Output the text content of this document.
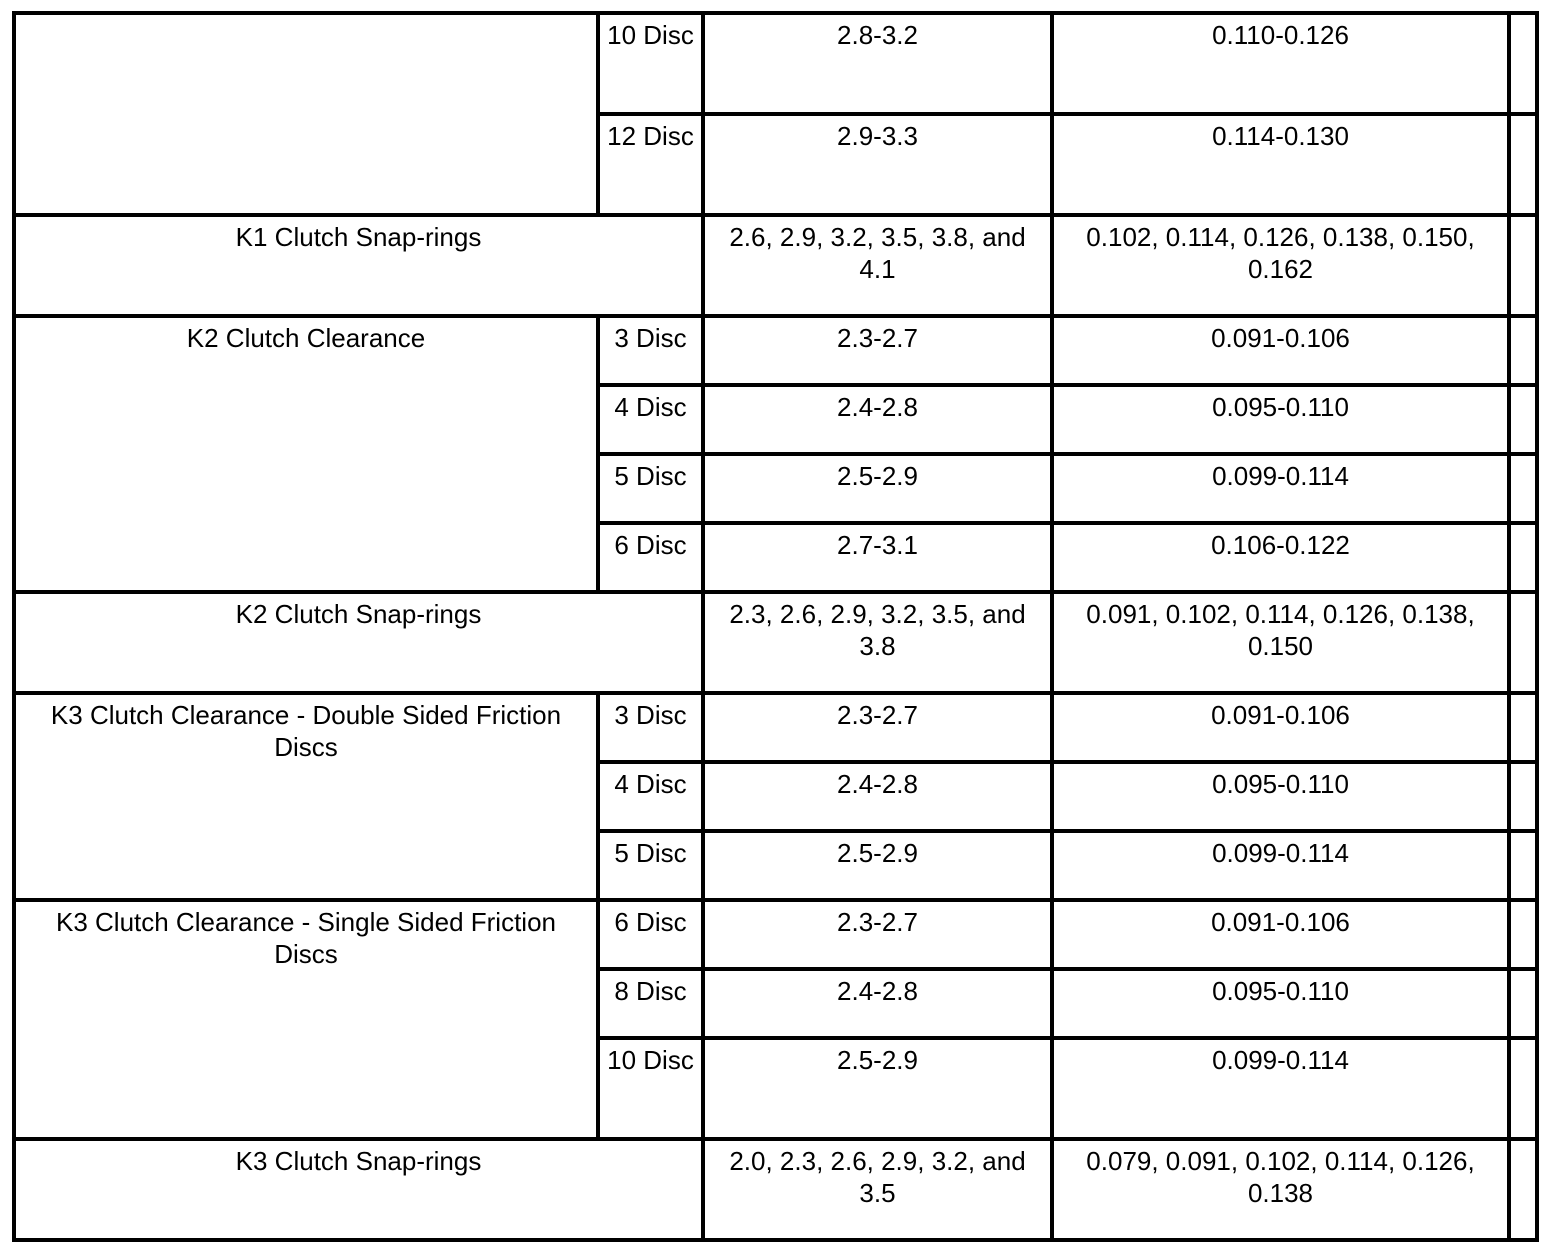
	10 Disc	2.8-3.2	0.110-0.126	
	12 Disc	2.9-3.3	0.114-0.130	
K1 Clutch Snap-rings		2.6, 2.9, 3.2, 3.5, 3.8, and 4.1	0.102, 0.114, 0.126, 0.138, 0.150, 0.162	
K2 Clutch Clearance	3 Disc	2.3-2.7	0.091-0.106	
	4 Disc	2.4-2.8	0.095-0.110	
	5 Disc	2.5-2.9	0.099-0.114	
	6 Disc	2.7-3.1	0.106-0.122	
K2 Clutch Snap-rings		2.3, 2.6, 2.9, 3.2, 3.5, and 3.8	0.091, 0.102, 0.114, 0.126, 0.138, 0.150	
K3 Clutch Clearance - Double Sided Friction Discs	3 Disc	2.3-2.7	0.091-0.106	
	4 Disc	2.4-2.8	0.095-0.110	
	5 Disc	2.5-2.9	0.099-0.114	
K3 Clutch Clearance - Single Sided Friction Discs	6 Disc	2.3-2.7	0.091-0.106	
	8 Disc	2.4-2.8	0.095-0.110	
	10 Disc	2.5-2.9	0.099-0.114	
K3 Clutch Snap-rings		2.0, 2.3, 2.6, 2.9, 3.2, and 3.5	0.079, 0.091, 0.102, 0.114, 0.126, 0.138	
